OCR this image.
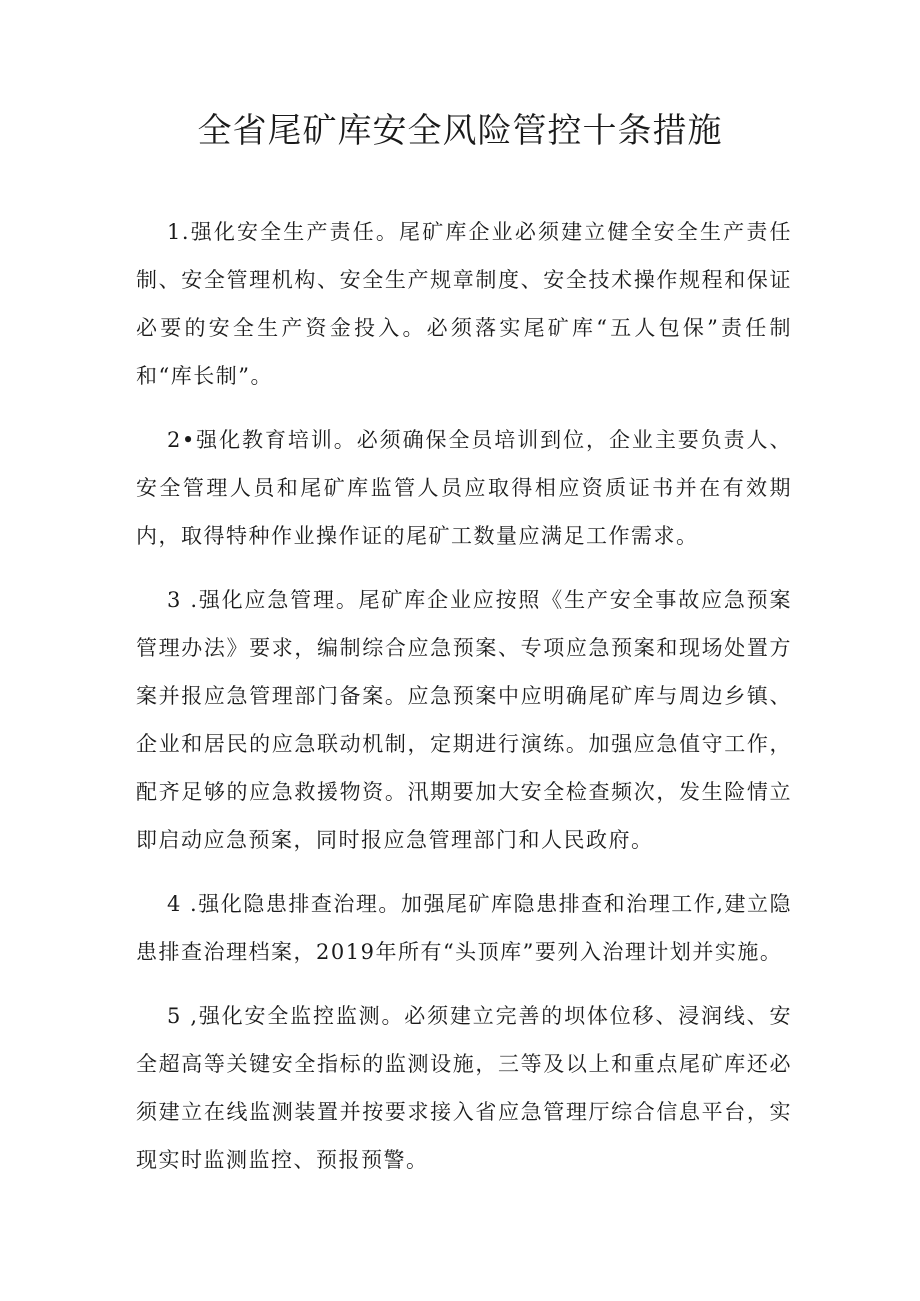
全省尾矿库安全风险管控十条措施

1.强化安全生产责任。尾矿库企业必须建立健全安全生产责任制、安全管理机构、安全生产规章制度、安全技术操作规程和保证必要的安全生产资金投入。必须落实尾矿库“五人包保”责任制和“库长制”。

2•强化教育培训。必须确保全员培训到位，企业主要负责人、安全管理人员和尾矿库监管人员应取得相应资质证书并在有效期内，取得特种作业操作证的尾矿工数量应满足工作需求。

3 .强化应急管理。尾矿库企业应按照《生产安全事故应急预案管理办法》要求，编制综合应急预案、专项应急预案和现场处置方案并报应急管理部门备案。应急预案中应明确尾矿库与周边乡镇、企业和居民的应急联动机制，定期进行演练。加强应急值守工作，配齐足够的应急救援物资。汛期要加大安全检查频次，发生险情立即启动应急预案，同时报应急管理部门和人民政府。

4 .强化隐患排查治理。加强尾矿库隐患排查和治理工作,建立隐患排查治理档案，2019年所有“头顶库”要列入治理计划并实施。

5 ,强化安全监控监测。必须建立完善的坝体位移、浸润线、安全超高等关键安全指标的监测设施，三等及以上和重点尾矿库还必须建立在线监测装置并按要求接入省应急管理厅综合信息平台，实现实时监测监控、预报预警。
